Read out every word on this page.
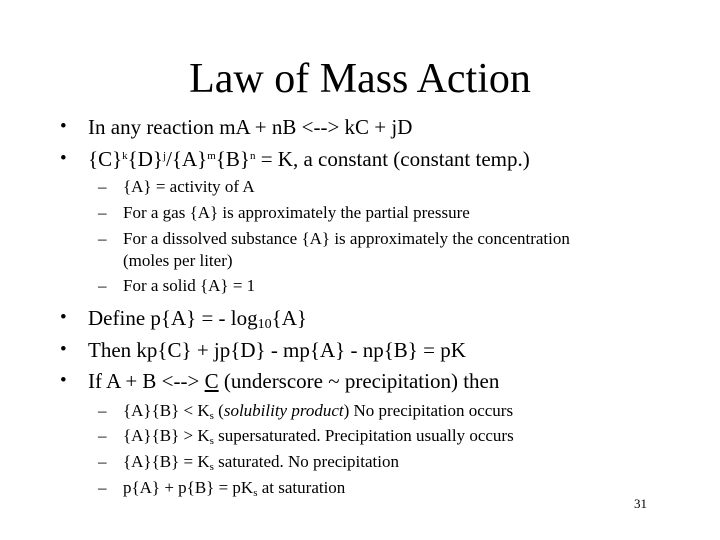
Law of Mass Action
• In any reaction mA + nB <--> kC + jD
• $\{C\}^k\{D\}^j/\{A\}^m\{B\}^n = K$, a constant (constant temp.)
– {A} = activity of A
– For a gas {A} is approximately the partial pressure
– For a dissolved substance {A} is approximately the concentration
(moles per liter)
– For a solid {A} = 1
• Define p{A} = - $\log_{10}\{A\}$
• Then kp{C} + jp{D} - mp{A} - np{B} = pK
• If A + B <--> C (underscore ~ precipitation) then
– $\{A\}\{B\} < K_s$ (solubility product) No precipitation occurs
– $\{A\}\{B\} > K_s$ supersaturated. Precipitation usually occurs
– $\{A\}\{B\} = K_s$ saturated. No precipitation
– $p\{A\} + p\{B\} = pK_s$ at saturation
31
